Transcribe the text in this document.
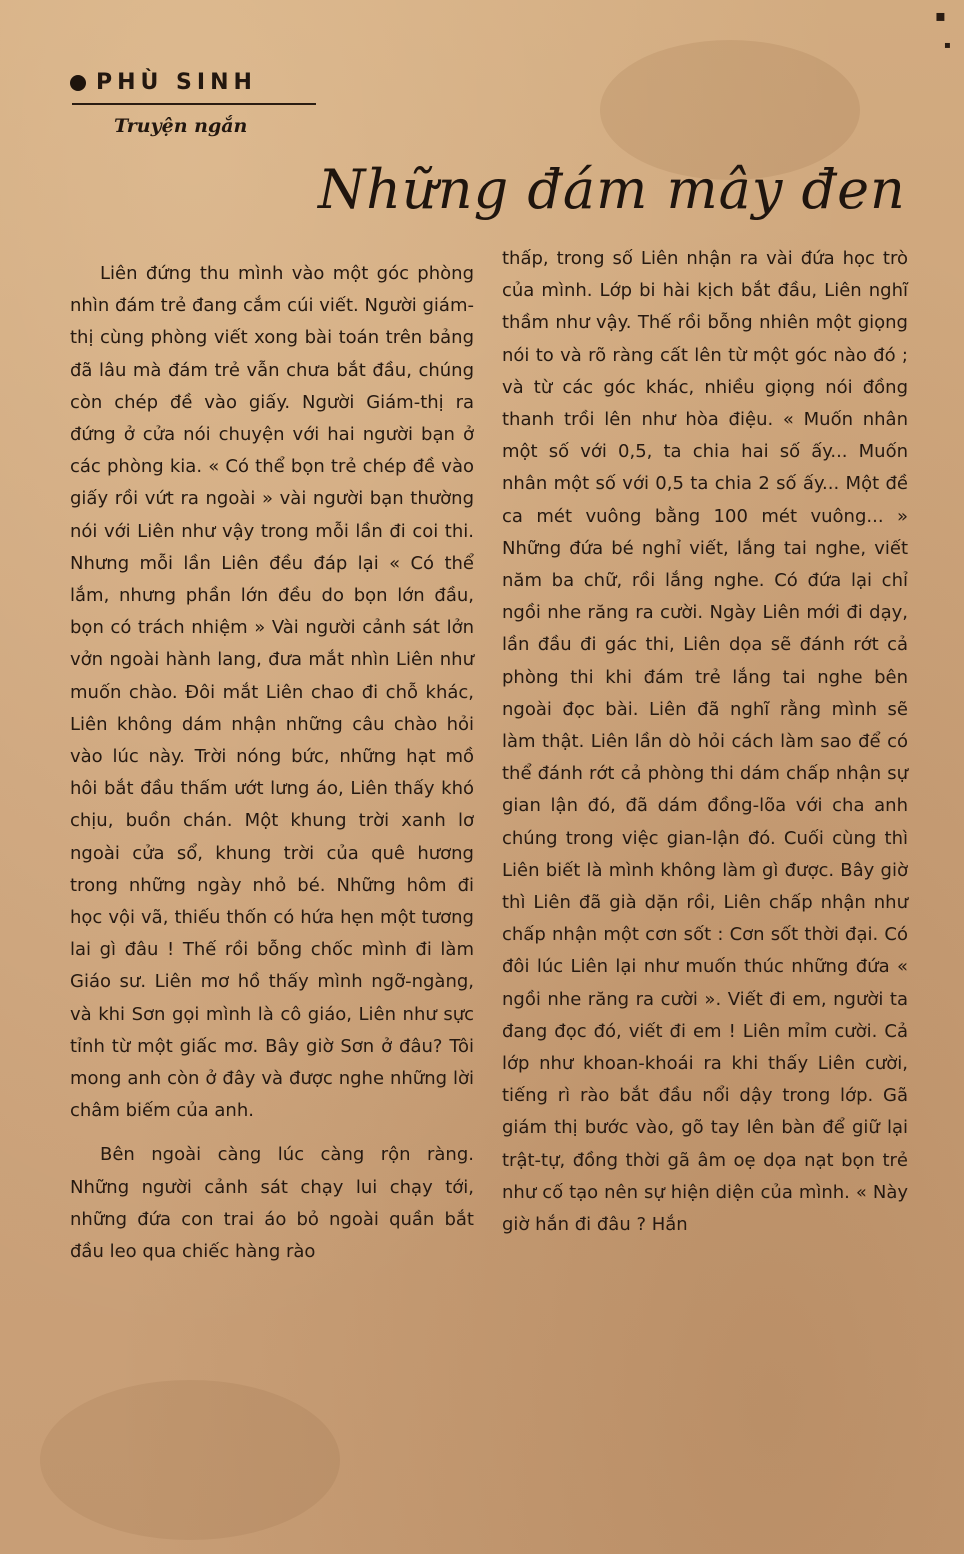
▪
▪
PHÙ SINH
Truyện ngắn
Những đám mây đen

Liên đứng thu mình vào một góc phòng nhìn đám trẻ đang cắm cúi viết. Người giám-thị cùng phòng viết xong bài toán trên bảng đã lâu mà đám trẻ vẫn chưa bắt đầu, chúng còn chép đề vào giấy. Người Giám-thị ra đứng ở cửa nói chuyện với hai người bạn ở các phòng kia. « Có thể bọn trẻ chép đề vào giấy rồi vứt ra ngoài » vài người bạn thường nói với Liên như vậy trong mỗi lần đi coi thi. Nhưng mỗi lần Liên đều đáp lại « Có thể lắm, nhưng phần lớn đều do bọn lớn đầu, bọn có trách nhiệm » Vài người cảnh sát lởn vởn ngoài hành lang, đưa mắt nhìn Liên như muốn chào. Đôi mắt Liên chao đi chỗ khác, Liên không dám nhận những câu chào hỏi vào lúc này. Trời nóng bức, những hạt mồ hôi bắt đầu thấm ướt lưng áo, Liên thấy khó chịu, buồn chán. Một khung trời xanh lơ ngoài cửa sổ, khung trời của quê hương trong những ngày nhỏ bé. Những hôm đi học vội vã, thiếu thốn có hứa hẹn một tương lai gì đâu ! Thế rồi bỗng chốc mình đi làm Giáo sư. Liên mơ hồ thấy mình ngỡ-ngàng, và khi Sơn gọi mình là cô giáo, Liên như sực tỉnh từ một giấc mơ. Bây giờ Sơn ở đâu? Tôi mong anh còn ở đây và được nghe những lời châm biếm của anh.

Bên ngoài càng lúc càng rộn ràng. Những người cảnh sát chạy lui chạy tới, những đứa con trai áo bỏ ngoài quần bắt đầu leo qua chiếc hàng rào

thấp, trong số Liên nhận ra vài đứa học trò của mình. Lớp bi hài kịch bắt đầu, Liên nghĩ thầm như vậy. Thế rồi bỗng nhiên một giọng nói to và rõ ràng cất lên từ một góc nào đó ; và từ các góc khác, nhiều giọng nói đồng thanh trồi lên như hòa điệu. « Muốn nhân một số với 0,5, ta chia hai số ấy... Muốn nhân một số với 0,5 ta chia 2 số ấy... Một đề ca mét vuông bằng 100 mét vuông... » Những đứa bé nghỉ viết, lắng tai nghe, viết năm ba chữ, rồi lắng nghe. Có đứa lại chỉ ngồi nhe răng ra cười. Ngày Liên mới đi dạy, lần đầu đi gác thi, Liên dọa sẽ đánh rớt cả phòng thi khi đám trẻ lắng tai nghe bên ngoài đọc bài. Liên đã nghĩ rằng mình sẽ làm thật. Liên lần dò hỏi cách làm sao để có thể đánh rớt cả phòng thi dám chấp nhận sự gian lận đó, đã dám đồng-lõa với cha anh chúng trong việc gian-lận đó. Cuối cùng thì Liên biết là mình không làm gì được. Bây giờ thì Liên đã già dặn rồi, Liên chấp nhận như chấp nhận một cơn sốt : Cơn sốt thời đại. Có đôi lúc Liên lại như muốn thúc những đứa « ngồi nhe răng ra cười ». Viết đi em, người ta đang đọc đó, viết đi em ! Liên mỉm cười. Cả lớp như khoan-khoái ra khi thấy Liên cười, tiếng rì rào bắt đầu nổi dậy trong lớp. Gã giám thị bước vào, gõ tay lên bàn để giữ lại trật-tự, đồng thời gã âm oẹ dọa nạt bọn trẻ như cố tạo nên sự hiện diện của mình. « Này giờ hắn đi đâu ? Hắn
